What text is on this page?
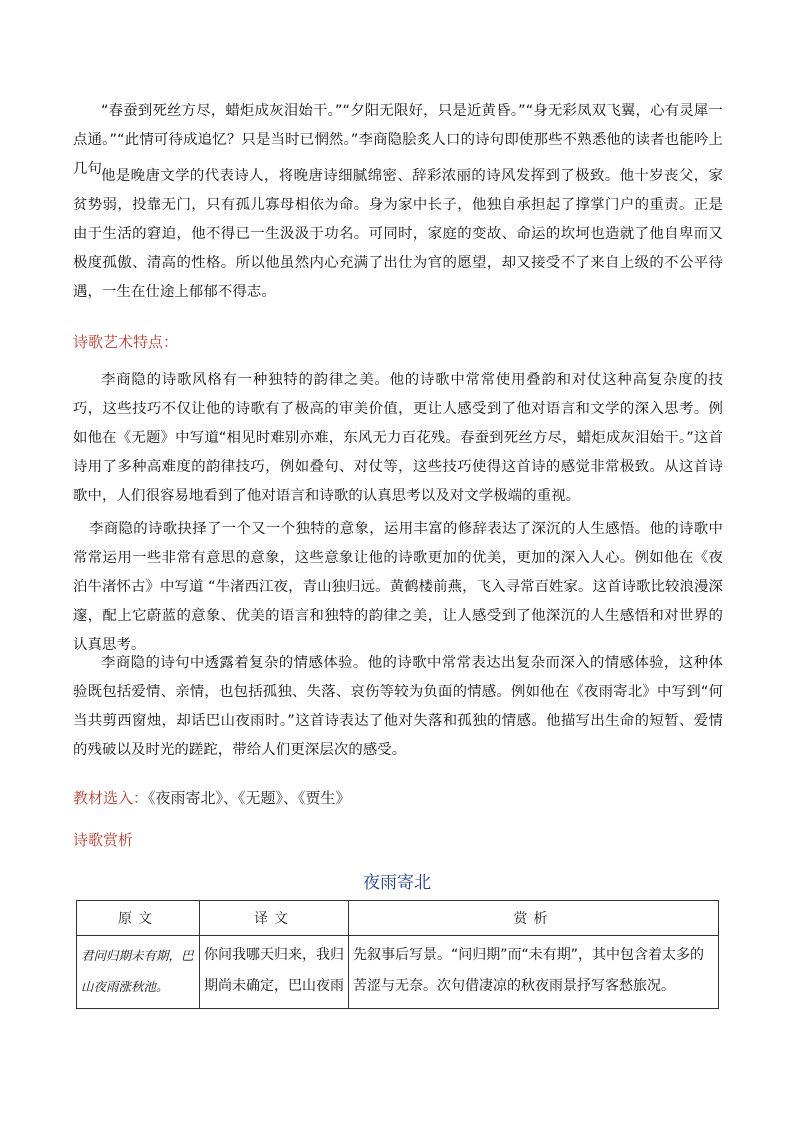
“春蚕到死丝方尽，蜡炬成灰泪始干。”“夕阳无限好，只是近黄昏。”“身无彩凤双飞翼，心有灵犀一点通。”“此情可待成追忆？只是当时已惘然。”李商隐脍炙人口的诗句即使那些不熟悉他的读者也能吟上几句 他是晚唐文学的代表诗人，将晚唐诗细腻绵密、辞彩浓丽的诗风发挥到了极致。他十岁丧父，家贫势弱，投靠无门，只有孤儿寡母相依为命。身为家中长子，他独自承担起了撑掌门户的重责。正是由于生活的窘迫，他不得已一生汲汲于功名。可同时，家庭的变故、命运的坎坷也造就了他自卑而又极度孤傲、清高的性格。所以他虽然内心充满了出仕为官的愿望，却又接受不了来自上级的不公平待遇，一生在仕途上郁郁不得志。

诗歌艺术特点：

李商隐的诗歌风格有一种独特的韵律之美。他的诗歌中常常使用叠韵和对仗这种高复杂度的技巧，这些技巧不仅让他的诗歌有了极高的审美价值，更让人感受到了他对语言和文学的深入思考。例如他在《无题》中写道“相见时难别亦难，东风无力百花残。春蚕到死丝方尽，蜡炬成灰泪始干。”这首诗用了多种高难度的韵律技巧，例如叠句、对仗等，这些技巧使得这首诗的感觉非常极致。从这首诗歌中，人们很容易地看到了他对语言和诗歌的认真思考以及对文学极端的重视。

李商隐的诗歌抉择了一个又一个独特的意象，运用丰富的修辞表达了深沉的人生感悟。他的诗歌中常常运用一些非常有意思的意象，这些意象让他的诗歌更加的优美，更加的深入人心。例如他在《夜泊牛渚怀古》中写道 “牛渚西江夜，青山独归远。黄鹤楼前燕，飞入寻常百姓家。这首诗歌比较浪漫深邃，配上它蔚蓝的意象、优美的语言和独特的韵律之美，让人感受到了他深沉的人生感悟和对世界的认真思考。

李商隐的诗句中透露着复杂的情感体验。他的诗歌中常常表达出复杂而深入的情感体验，这种体验既包括爱情、亲情，也包括孤独、失落、哀伤等较为负面的情感。例如他在《夜雨寄北》中写到“何当共剪西窗烛，却话巴山夜雨时。”这首诗表达了他对失落和孤独的情感。他描写出生命的短暂、爱情的残破以及时光的蹉跎，带给人们更深层次的感受。

教材选入：《夜雨寄北》、《无题》、《贾生》

诗歌赏析

夜雨寄北

原文	译文	赏析
君问归期未有期，巴山夜雨涨秋池。	你问我哪天归来，我归期尚未确定，巴山夜雨	先叙事后写景。“问归期”而“未有期”，其中包含着太多的苦涩与无奈。次句借凄凉的秋夜雨景抒写客愁旅况。
